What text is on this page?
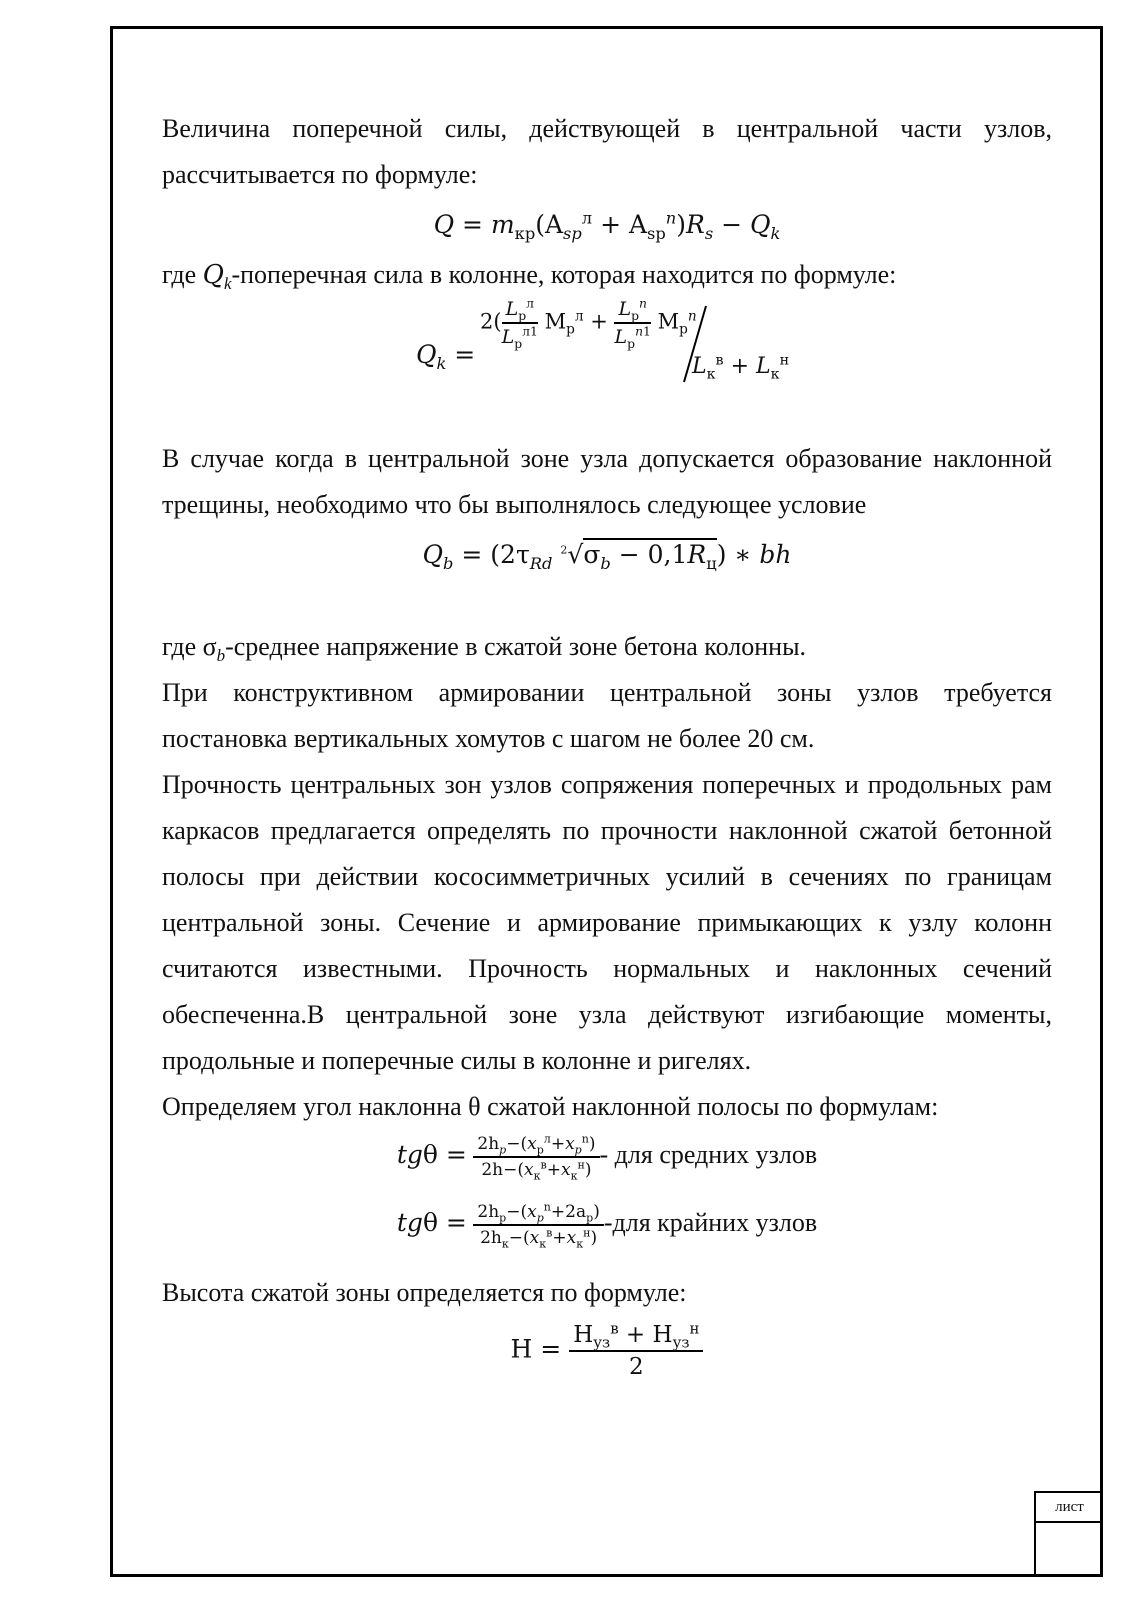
Величина поперечной силы, действующей в центральной части узлов, рассчитывается по формуле:

$Q = m_{кр}(A_{sp}^л + A_{sp}^n)R_s - Q_k$

где $Q_k$-поперечная сила в колонне, которая находится по формуле:

$Q_k$ =
$2( \frac{L_р^л}{L_р^{л1}} M_р^л + \frac{L_р^n}{L_р^{n1}} M_р^n$
$L_к^в + L_к^н$

В случае когда в центральной зоне узла допускается образование наклонной трещины, необходимо что бы выполнялось следующее условие

$Q_b = (2\tau_{Rd}$ $^2√\sigma_b - 0,1R_ц$) ∗ bh

где $\sigma_b$-среднее напряжение в сжатой зоне бетона колонны.

При конструктивном армировании центральной зоны узлов требуется постановка вертикальных хомутов с шагом не более 20 см.

Прочность центральных зон узлов сопряжения поперечных и продольных рам каркасов предлагается определять по прочности наклонной сжатой бетонной полосы при действии кососимметричных усилий в сечениях по границам центральной зоны. Сечение и армирование примыкающих к узлу колонн считаются известными. Прочность нормальных и наклонных сечений обеспеченна.В центральной зоне узла действуют изгибающие моменты, продольные и поперечные силы в колонне и ригелях.

Определяем угол наклонна θ сжатой наклонной полосы по формулам:

$tg\theta = \frac{2h_p-(x_р^л+x_p^n)}{2h-(x_к^в+x_к^н)}$ - для средних узлов
$tg\theta = \frac{2h_р-(x_p^n+2a_р)}{2h_к-(x_к^в+x_к^н)} -для$ крайних узлов

Высота сжатой зоны определяется по формуле:

$H = \frac{H_{уз}^в + H_{уз}^н}{2}$
лист
